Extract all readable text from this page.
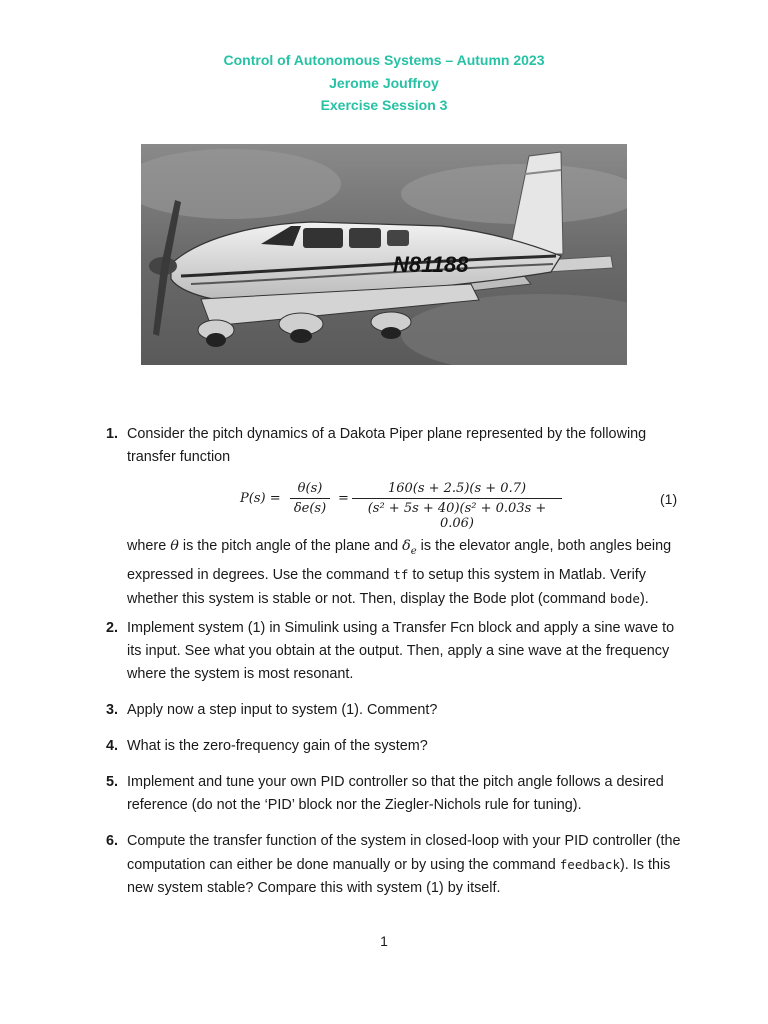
Control of Autonomous Systems – Autumn 2023
Jerome Jouffroy
Exercise Session 3
N81188
1. Consider the pitch dynamics of a Dakota Piper plane represented by the following transfer function
$P(s) = \frac{\theta(s)}{\delta e(s)} = \frac{160(s + 2.5)(s + 0.7)}{\text{(s² + 5s + 40)(s² + 0.03s + 0.06)}}$	(1)
where θ is the pitch angle of the plane and $\delta_e$ is the elevator angle, both angles being expressed in degrees. Use the command tf to setup this system in Matlab. Verify whether this system is stable or not. Then, display the Bode plot (command bode).
2. Implement system (1) in Simulink using a Transfer Fcn block and apply a sine wave to its input. See what you obtain at the output. Then, apply a sine wave at the frequency where the system is most resonant.
3. Apply now a step input to system (1). Comment?
4. What is the zero-frequency gain of the system?
5. Implement and tune your own PID controller so that the pitch angle follows a desired reference (do not the ‘PID’ block nor the Ziegler-Nichols rule for tuning).
6. Compute the transfer function of the system in closed-loop with your PID controller (the computation can either be done manually or by using the command feedback). Is this new system stable? Compare this with system (1) by itself.
1
